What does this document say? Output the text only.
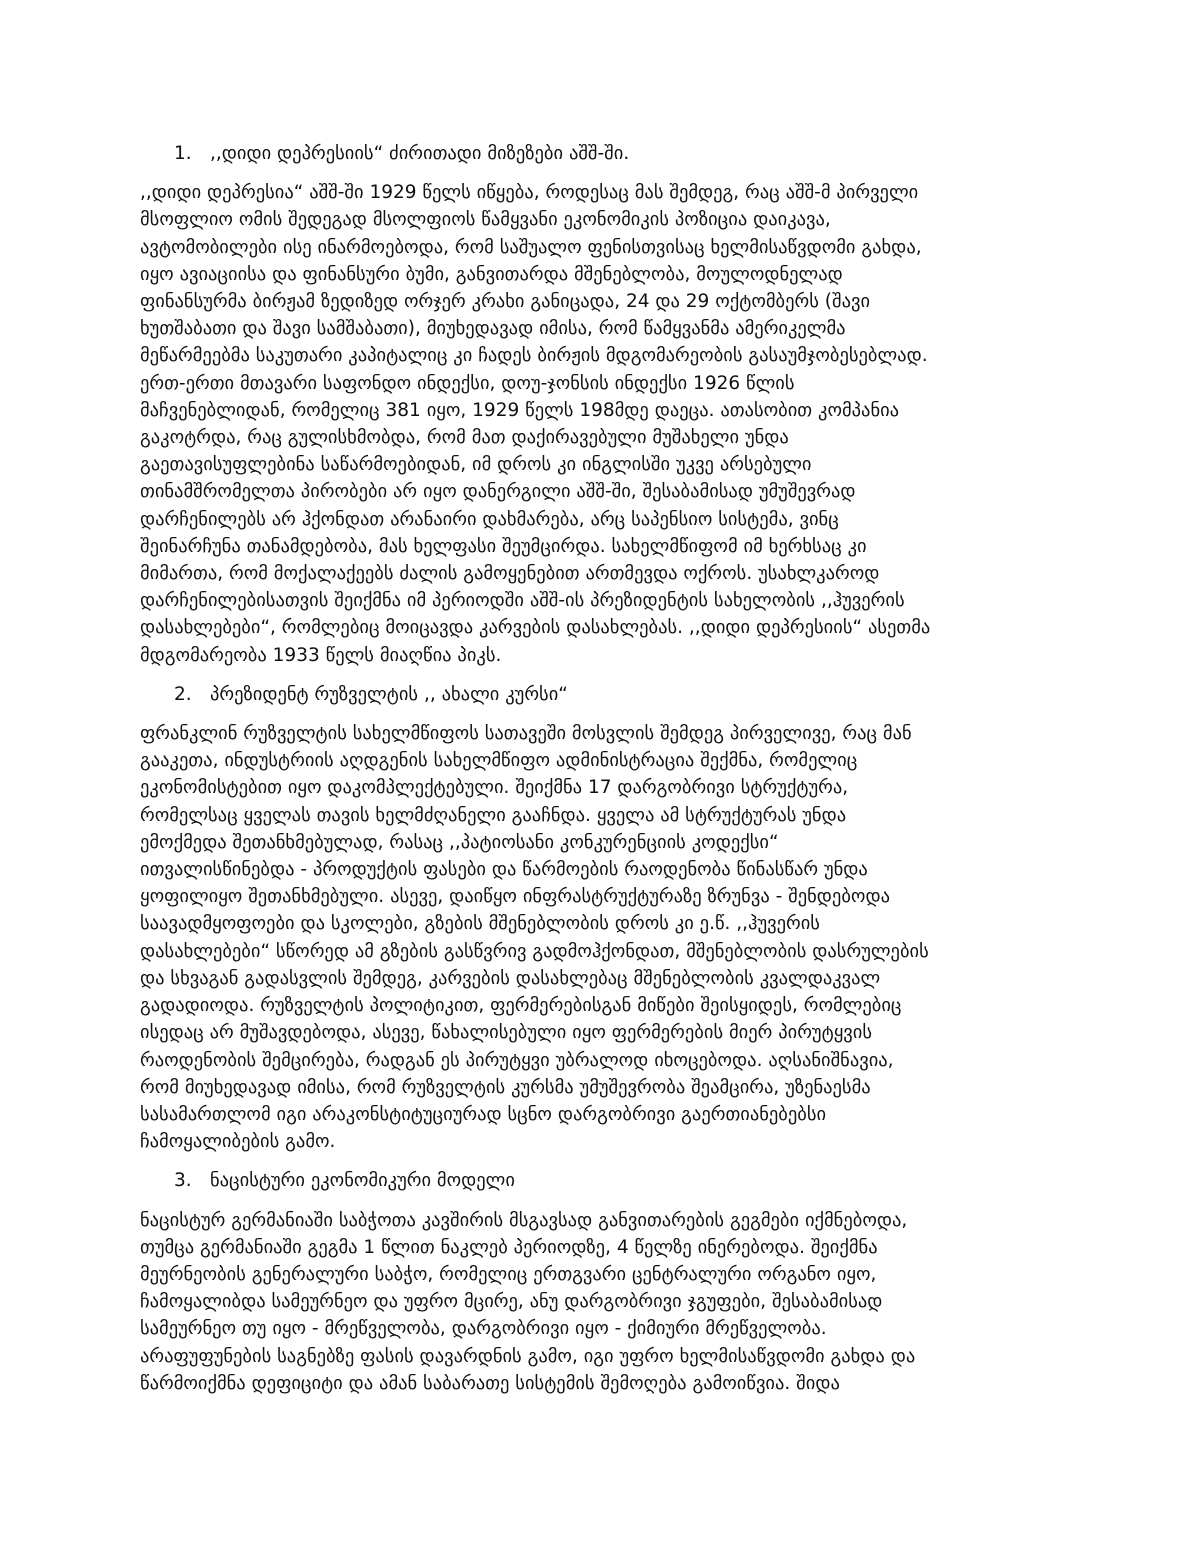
1. ,,დიდი დეპრესიის“ ძირითადი მიზეზები აშშ-ში.
,,დიდი დეპრესია“ აშშ-ში 1929 წელს იწყება, როდესაც მას შემდეგ, რაც აშშ-მ პირველი
მსოფლიო ომის შედეგად მსოლფიოს წამყვანი ეკონომიკის პოზიცია დაიკავა,
ავტომობილები ისე ინარმოებოდა, რომ საშუალო ფენისთვისაც ხელმისაწვდომი გახდა,
იყო ავიაციისა და ფინანსური ბუმი, განვითარდა მშენებლობა, მოულოდნელად
ფინანსურმა ბირჟამ ზედიზედ ორჯერ კრახი განიცადა, 24 და 29 ოქტომბერს (შავი
ხუთშაბათი და შავი სამშაბათი), მიუხედავად იმისა, რომ წამყვანმა ამერიკელმა
მეწარმეებმა საკუთარი კაპიტალიც კი ჩადეს ბირჟის მდგომარეობის გასაუმჯობესებლად.
ერთ-ერთი მთავარი საფონდო ინდექსი, დოუ-ჯონსის ინდექსი 1926 წლის
მაჩვენებლიდან, რომელიც 381 იყო, 1929 წელს 198მდე დაეცა. ათასობით კომპანია
გაკოტრდა, რაც გულისხმობდა, რომ მათ დაქირავებული მუშახელი უნდა
გაეთავისუფლებინა საწარმოებიდან, იმ დროს კი ინგლისში უკვე არსებული
თინამშრომელთა პირობები არ იყო დანერგილი აშშ-ში, შესაბამისად უმუშევრად
დარჩენილებს არ ჰქონდათ არანაირი დახმარება, არც საპენსიო სისტემა, ვინც
შეინარჩუნა თანამდებობა, მას ხელფასი შეუმცირდა. სახელმწიფომ იმ ხერხსაც კი
მიმართა, რომ მოქალაქეებს ძალის გამოყენებით ართმევდა ოქროს. უსახლკაროდ
დარჩენილებისათვის შეიქმნა იმ პერიოდში აშშ-ის პრეზიდენტის სახელობის ,,ჰუვერის
დასახლებები“, რომლებიც მოიცავდა კარვების დასახლებას. ,,დიდი დეპრესიის“ ასეთმა
მდგომარეობა 1933 წელს მიაღწია პიკს.
2. პრეზიდენტ რუზველტის ,, ახალი კურსი“
ფრანკლინ რუზველტის სახელმწიფოს სათავეში მოსვლის შემდეგ პირველივე, რაც მან
გააკეთა, ინდუსტრიის აღდგენის სახელმწიფო ადმინისტრაცია შექმნა, რომელიც
ეკონომისტებით იყო დაკომპლექტებული. შეიქმნა 17 დარგობრივი სტრუქტურა,
რომელსაც ყველას თავის ხელმძღანელი გააჩნდა. ყველა ამ სტრუქტურას უნდა
ემოქმედა შეთანხმებულად, რასაც ,,პატიოსანი კონკურენციის კოდექსი“
ითვალისწინებდა - პროდუქტის ფასები და წარმოების რაოდენობა წინასწარ უნდა
ყოფილიყო შეთანხმებული. ასევე, დაიწყო ინფრასტრუქტურაზე ზრუნვა - შენდებოდა
საავადმყოფოები და სკოლები, გზების მშენებლობის დროს კი ე.წ. ,,ჰუვერის
დასახლებები“ სწორედ ამ გზების გასწვრივ გადმოჰქონდათ, მშენებლობის დასრულების
და სხვაგან გადასვლის შემდეგ, კარვების დასახლებაც მშენებლობის კვალდაკვალ
გადადიოდა. რუზველტის პოლიტიკით, ფერმერებისგან მიწები შეისყიდეს, რომლებიც
ისედაც არ მუშავდებოდა, ასევე, წახალისებული იყო ფერმერების მიერ პირუტყვის
რაოდენობის შემცირება, რადგან ეს პირუტყვი უბრალოდ იხოცებოდა. აღსანიშნავია,
რომ მიუხედავად იმისა, რომ რუზველტის კურსმა უმუშევრობა შეამცირა, უზენაესმა
სასამართლომ იგი არაკონსტიტუციურად სცნო დარგობრივი გაერთიანებებსი
ჩამოყალიბების გამო.
3. ნაცისტური ეკონომიკური მოდელი
ნაცისტურ გერმანიაში საბჭოთა კავშირის მსგავსად განვითარების გეგმები იქმნებოდა,
თუმცა გერმანიაში გეგმა 1 წლით ნაკლებ პერიოდზე, 4 წელზე ინერებოდა. შეიქმნა
მეურნეობის გენერალური საბჭო, რომელიც ერთგვარი ცენტრალური ორგანო იყო,
ჩამოყალიბდა სამეურნეო და უფრო მცირე, ანუ დარგობრივი ჯგუფები, შესაბამისად
სამეურნეო თუ იყო - მრეწველობა, დარგობრივი იყო - ქიმიური მრეწველობა.
არაფუფუნების საგნებზე ფასის დავარდნის გამო, იგი უფრო ხელმისაწვდომი გახდა და
წარმოიქმნა დეფიციტი და ამან საბარათე სისტემის შემოღება გამოიწვია. შიდა
